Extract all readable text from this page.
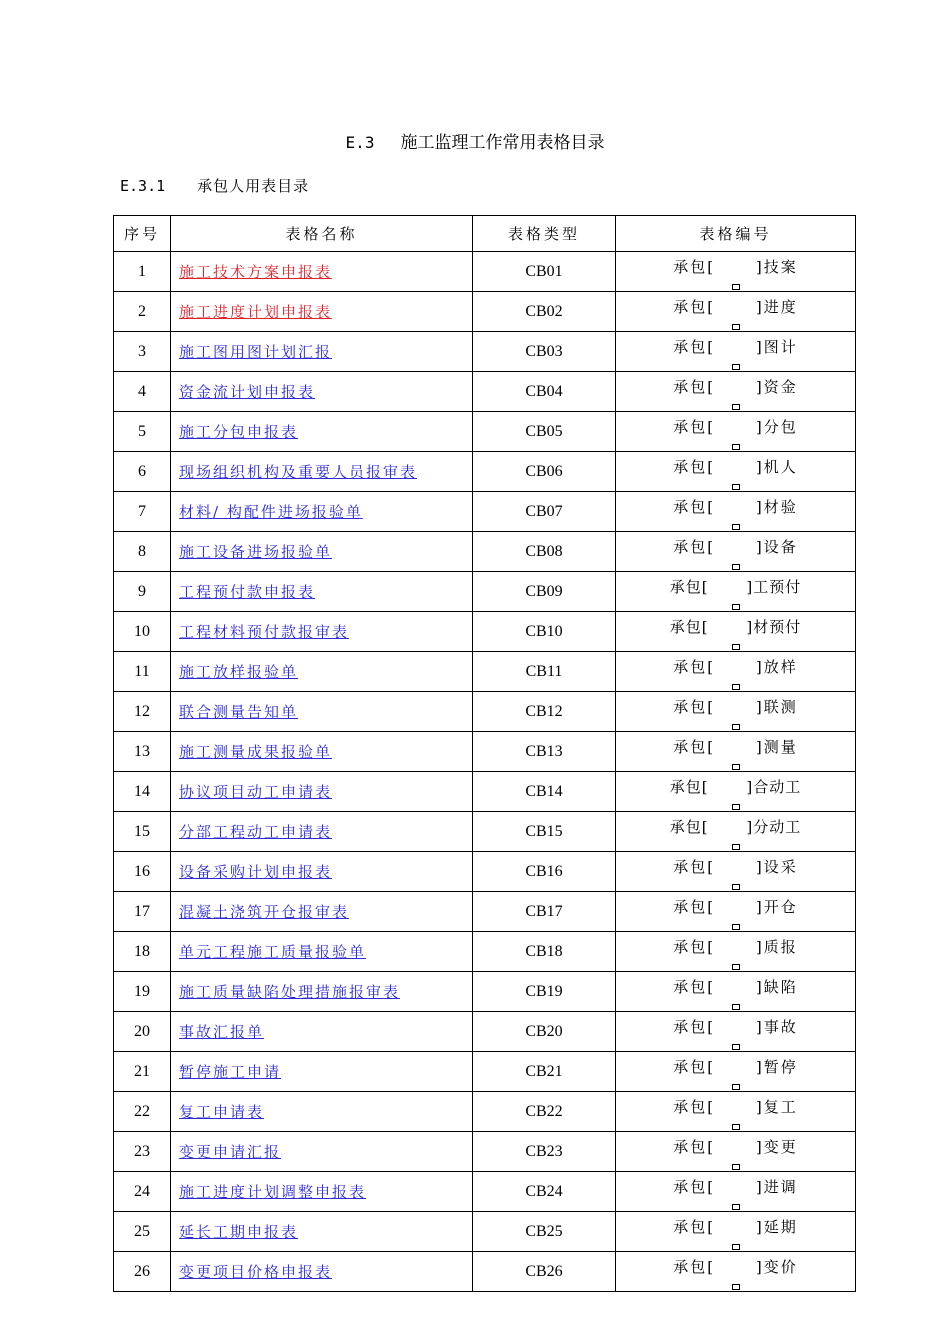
E.3 施工监理工作常用表格目录
E.3.1 承包人用表目录
序号	表格名称	表格类型	表格编号
1	施工技术方案申报表	CB01	承包[　 　]技案

2	施工进度计划申报表	CB02	承包[　 　]进度

3	施工图用图计划汇报	CB03	承包[　 　]图计

4	资金流计划申报表	CB04	承包[　 　]资金

5	施工分包申报表	CB05	承包[　 　]分包

6	现场组织机构及重要人员报审表	CB06	承包[　 　]机人

7	材料/ 构配件进场报验单	CB07	承包[　 　]材验

8	施工设备进场报验单	CB08	承包[　 　]设备

9	工程预付款申报表	CB09	承包[　 　]工预付

10	工程材料预付款报审表	CB10	承包[　 　]材预付

11	施工放样报验单	CB11	承包[　 　]放样

12	联合测量告知单	CB12	承包[　 　]联测

13	施工测量成果报验单	CB13	承包[　 　]测量

14	协议项目动工申请表	CB14	承包[　 　]合动工

15	分部工程动工申请表	CB15	承包[　 　]分动工

16	设备采购计划申报表	CB16	承包[　 　]设采

17	混凝土浇筑开仓报审表	CB17	承包[　 　]开仓

18	单元工程施工质量报验单	CB18	承包[　 　]质报

19	施工质量缺陷处理措施报审表	CB19	承包[　 　]缺陷

20	事故汇报单	CB20	承包[　 　]事故

21	暂停施工申请	CB21	承包[　 　]暂停

22	复工申请表	CB22	承包[　 　]复工

23	变更申请汇报	CB23	承包[　 　]变更

24	施工进度计划调整申报表	CB24	承包[　 　]进调

25	延长工期申报表	CB25	承包[　 　]延期

26	变更项目价格申报表	CB26	承包[　 　]变价
